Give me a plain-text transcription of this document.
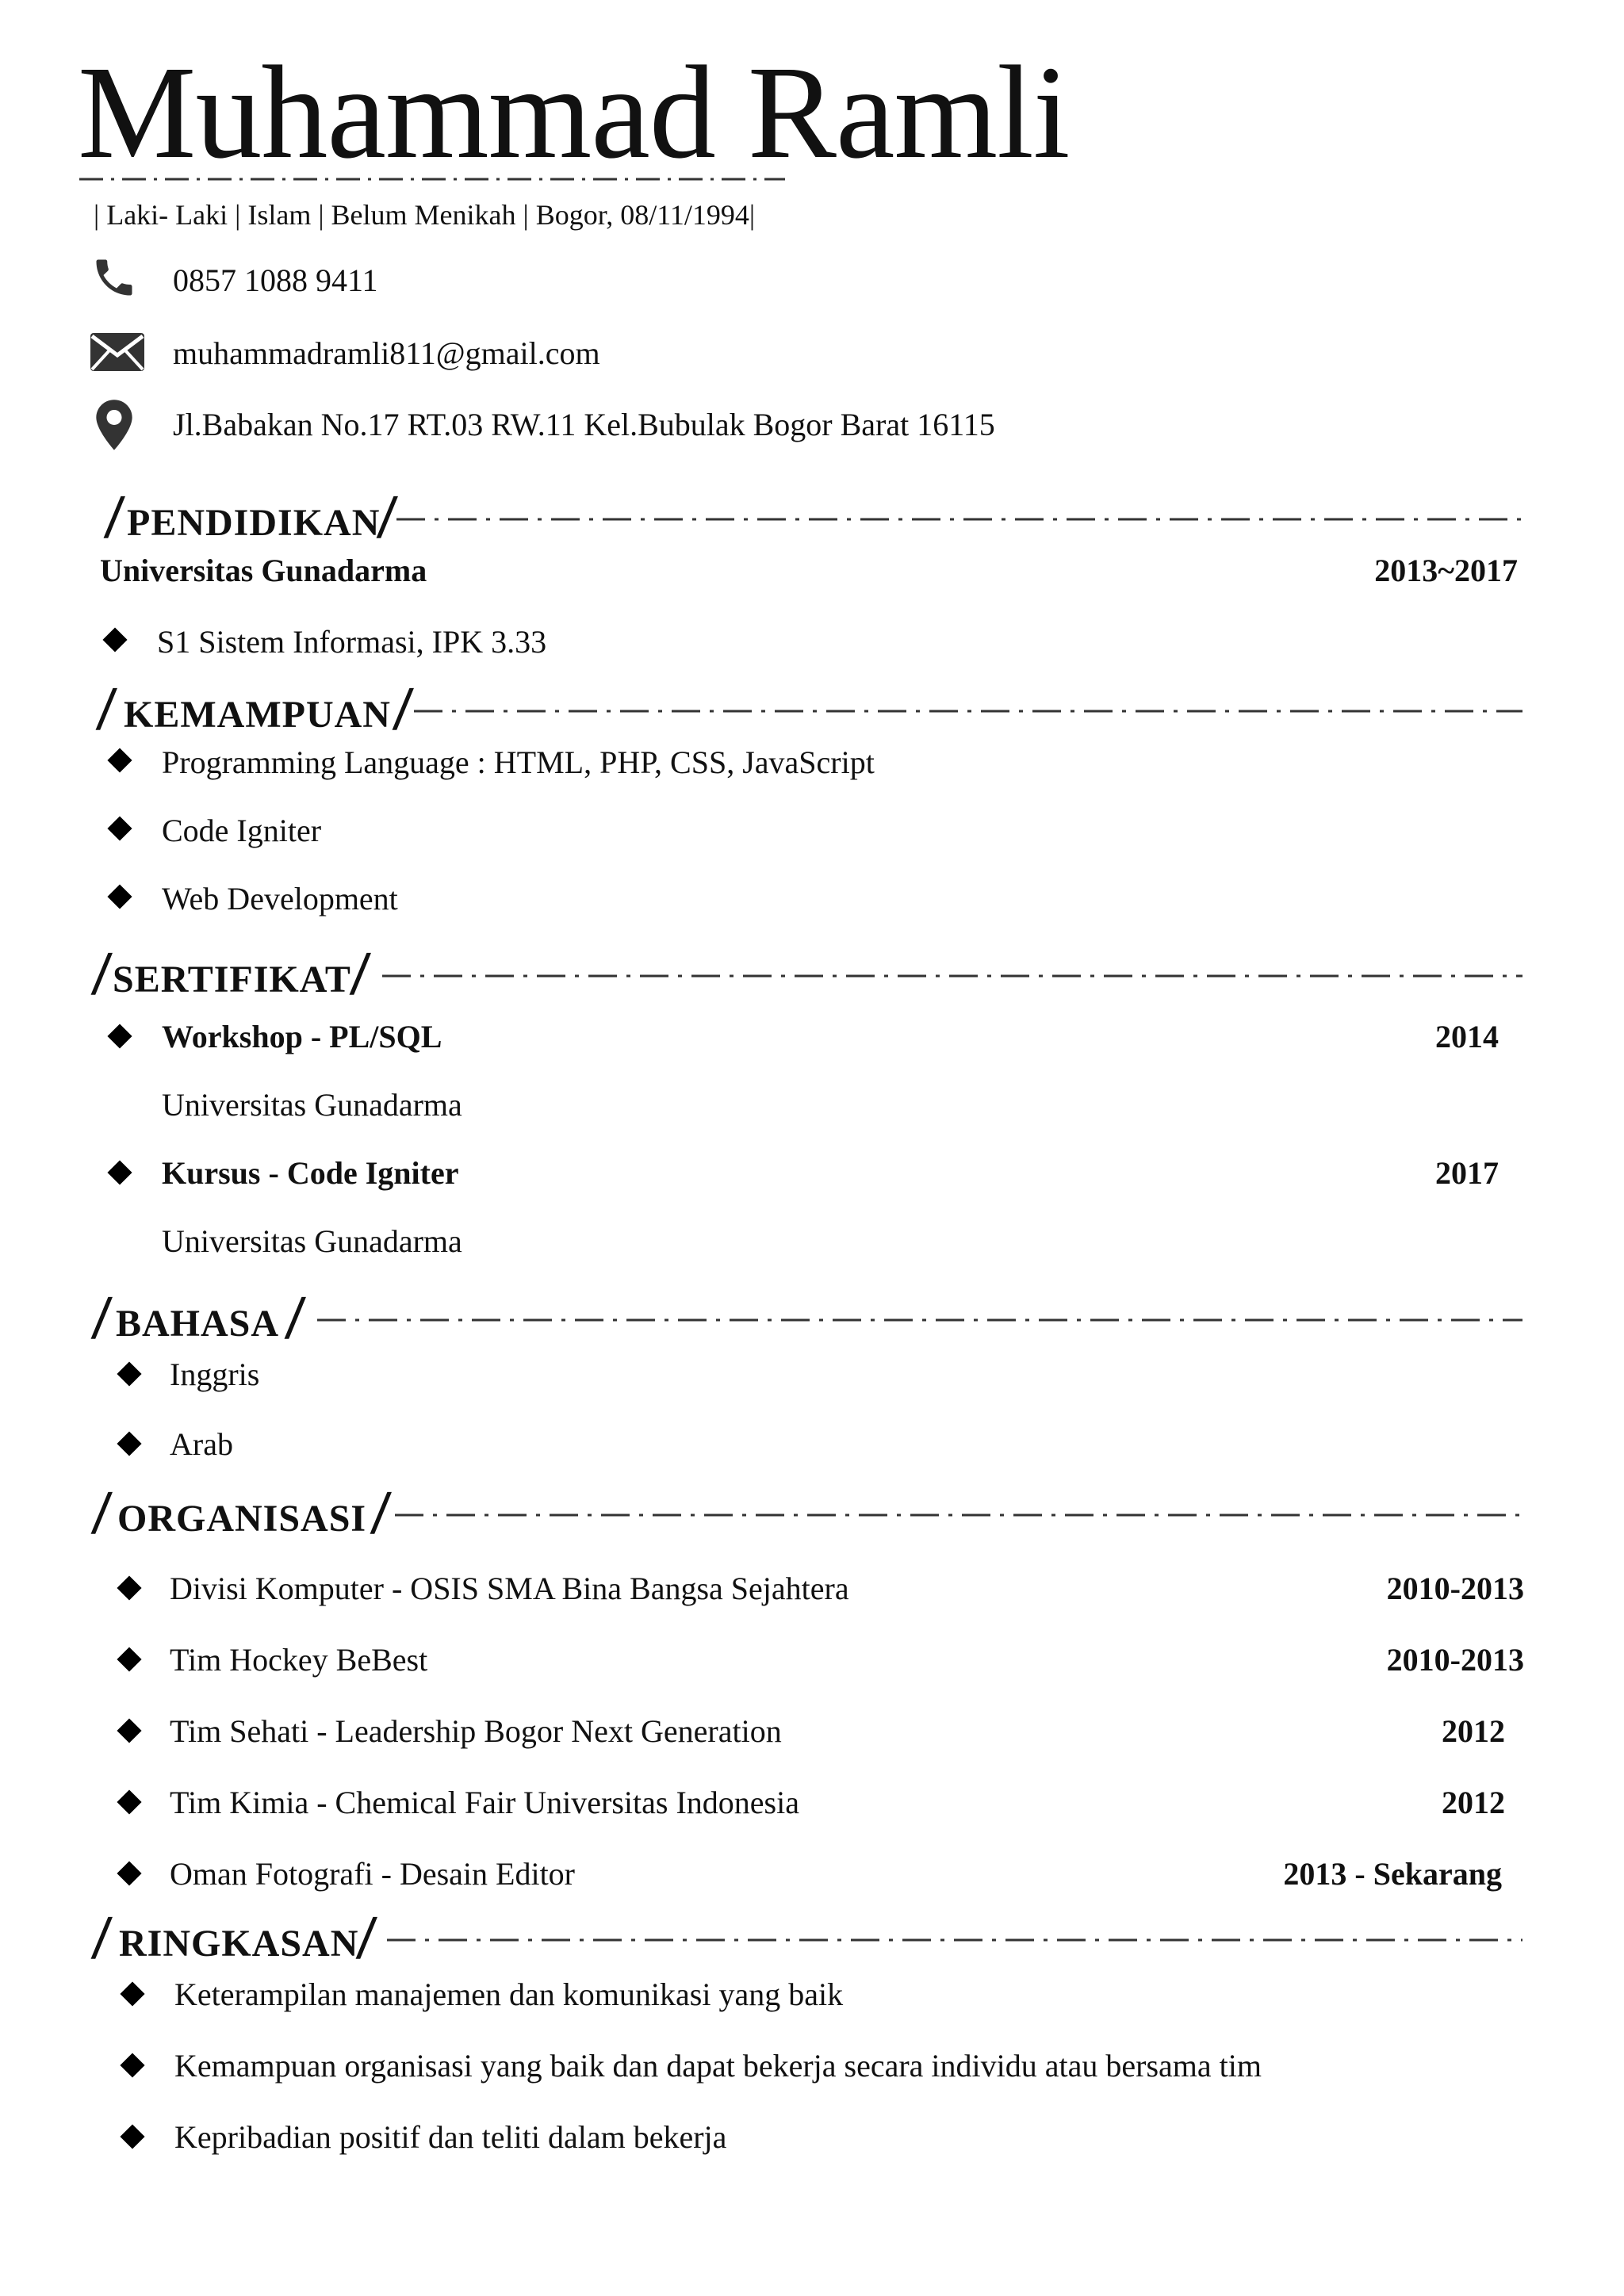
Muhammad Ramli
| Laki- Laki | Islam | Belum Menikah | Bogor, 08/11/1994|
0857 1088 9411
muhammadramli811@gmail.com
Jl.Babakan No.17 RT.03 RW.11 Kel.Bubulak Bogor Barat 16115
/ PENDIDIKAN
/
Universitas Gunadarma	2013~2017
S1 Sistem Informasi, IPK 3.33
/ KEMAMPUAN /
Programming Language : HTML, PHP, CSS, JavaScript
Code Igniter
Web Development
/
SERTIFIKAT
/
Workshop - PL/SQL	2014
Universitas Gunadarma
Kursus - Code Igniter	2017
Universitas Gunadarma
/ BAHASA /
Inggris
Arab
/ ORGANISASI /
Divisi Komputer - OSIS SMA Bina Bangsa Sejahtera	2010-2013
Tim Hockey BeBest	2010-2013
Tim Sehati - Leadership Bogor Next Generation	2012
Tim Kimia - Chemical Fair Universitas Indonesia	2012
Oman Fotografi - Desain Editor	2013 - Sekarang
/ RINGKASAN
/
Keterampilan manajemen dan komunikasi yang baik
Kemampuan organisasi yang baik dan dapat bekerja secara individu atau bersama tim
Kepribadian positif dan teliti dalam bekerja
